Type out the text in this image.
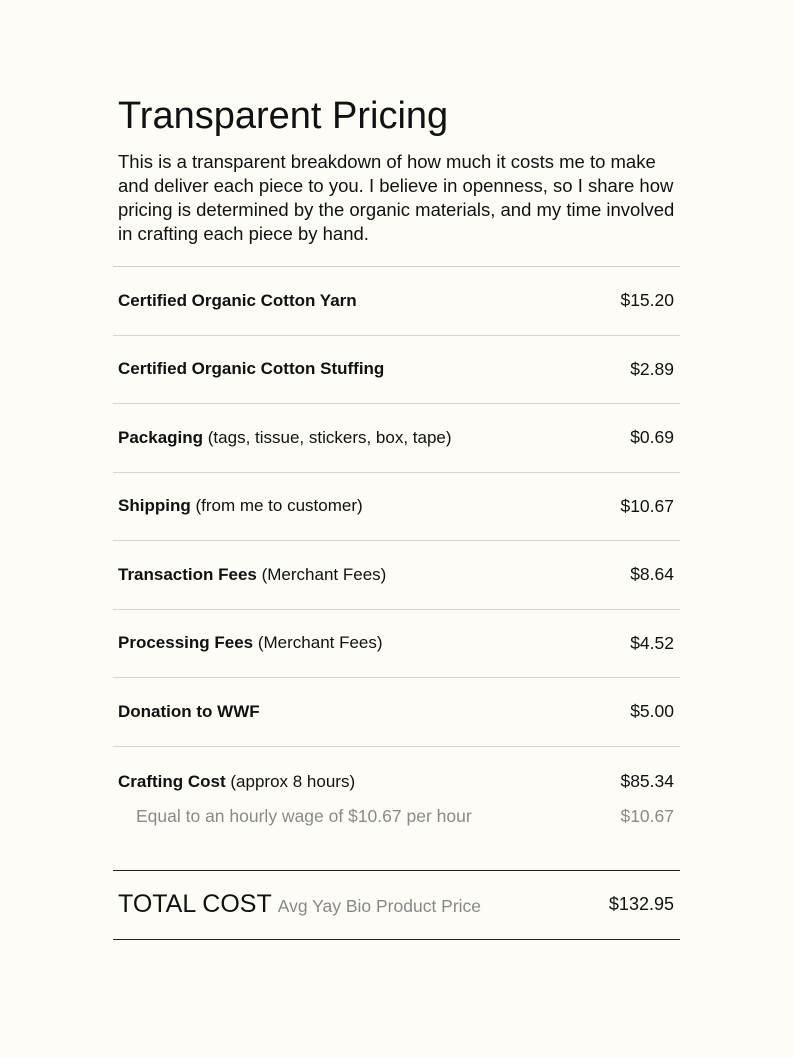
Transparent Pricing

This is a transparent breakdown of how much it costs me to make and deliver each piece to you. I believe in openness, so I share how pricing is determined by the organic materials, and my time involved in crafting each piece by hand.

Certified Organic Cotton Yarn	$15.20
Certified Organic Cotton Stuffing	$2.89
Packaging (tags, tissue, stickers, box, tape)	$0.69
Shipping (from me to customer)	$10.67
Transaction Fees (Merchant Fees)	$8.64
Processing Fees (Merchant Fees)	$4.52
Donation to WWF	$5.00
Crafting Cost (approx 8 hours)	$85.34
Equal to an hourly wage of $10.67 per hour	$10.67
TOTAL COST Avg Yay Bio Product Price	$132.95
